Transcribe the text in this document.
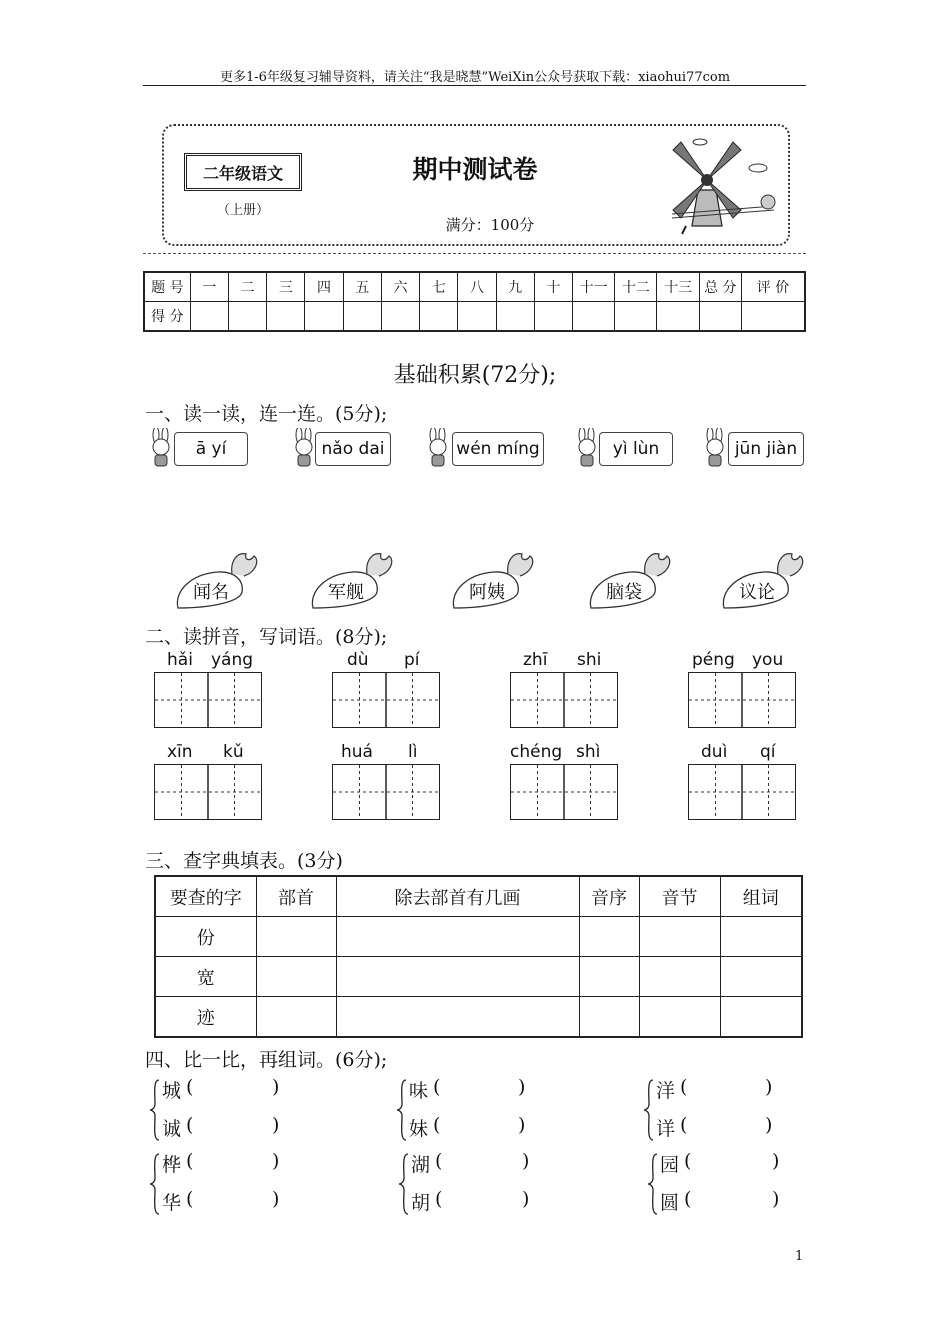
更多1-6年级复习辅导资料，请关注“我是晓慧”WeiXin公众号获取下载：xiaohui77com
二年级语文
（上册）
期中测试卷
满分：100分
题 号	一	二	三	四	五	六	七	八	九	十	十一	十二	十三	总 分	评 价
得 分															
基础积累(72分);
一、读一读，连一连。(5分);
ā yí	nǎo dai	wén míng	yì lùn	jūn jiàn
闻名	军舰	阿姨	脑袋	议论
二、读拼音，写词语。(8分);
hǎi yáng	dù pí	zhī shi	péng you
xīn kǔ	huá lì	chéng shì	duì qí
三、查字典填表。(3分)
要查的字	部首	除去部首有几画	音序	音节	组词
份					
宽					
迹					
四、比一比，再组词。(6分);
城 (	)
诚 (	)
味 (	)
妹 (	)
洋 (	)
详 (	)
桦 (	)
华 (	)
湖 (	)
胡 (	)
园 (	)
圆 (	)
1
